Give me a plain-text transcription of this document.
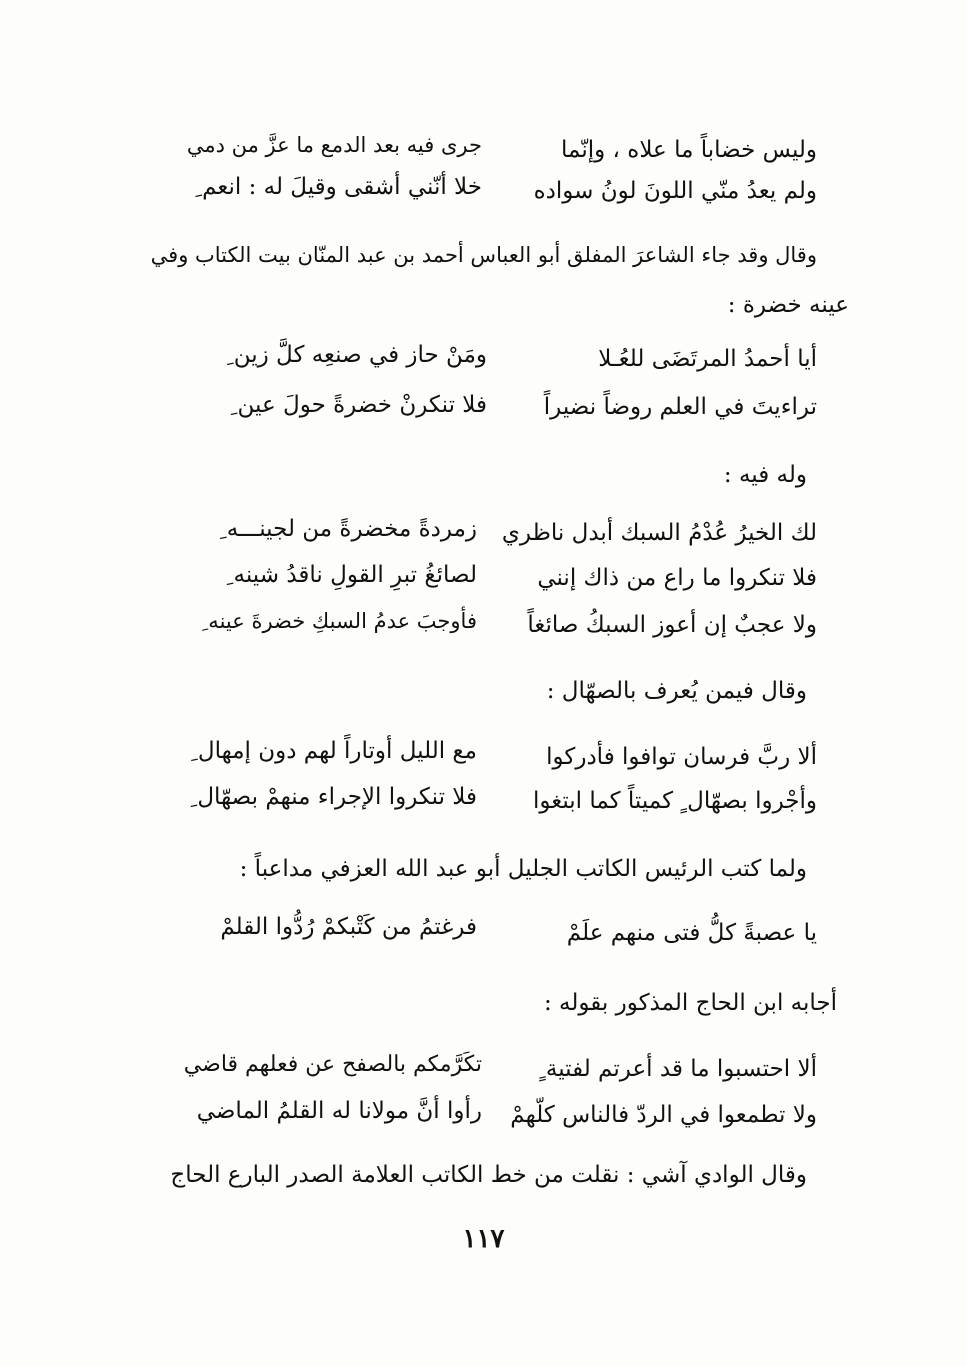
وليس خضاباً ما علاه ، وإنّما
جرى فيه بعد الدمع ما عزَّ من دمي
ولم يعدُ منّي اللونَ لونُ سواده
خلا أنّني أشقى وقيلَ له : انعم ِ
وقال وقد جاء الشاعرَ المفلق أبو العباس أحمد بن عبد المنّان بيت الكتاب وفي
عينه خضرة :
أيا أحمدُ المرتَضَى للعُـلا
ومَنْ حاز في صنعِه كلَّ زين ِ
تراءيتَ في العلم روضاً نضيراً
فلا تنكرنْ خضرةً حولَ عين ِ
وله فيه :
لك الخيرُ عُدْمُ السبك أبدل ناظري
زمردةً مخضرةً من لجينـــه ِ
فلا تنكروا ما راع من ذاك إنني
لصائغُ تبرِ القولِ ناقدُ شينه ِ
ولا عجبٌ إن أعوز السبكُ صائغاً
فأوجبَ عدمُ السبكِ خضرةَ عينه ِ
وقال فيمن يُعرف بالصهّال :
ألا ربَّ فرسان توافوا فأدركوا
مع الليل أوتاراً لهم دون إمهال ِ
وأجْروا بصهّال ٍ كميتاً كما ابتغوا
فلا تنكروا الإجراء منهمْ بصهّال ِ
ولما كتب الرئيس الكاتب الجليل أبو عبد الله العزفي مداعباً :
يا عصبةً كلُّ فتى منهم علَمْ
فرغتمُ من كَتْبكمْ رُدُّوا القلمْ
أجابه ابن الحاج المذكور بقوله :
ألا احتسبوا ما قد أعرتم لفتية ٍ
تكَرَّمكم بالصفح عن فعلهم قاضي
ولا تطمعوا في الردّ فالناس كلّهمْ
رأوا أنَّ مولانا له القلمُ الماضي
وقال الوادي آشي : نقلت من خط الكاتب العلامة الصدر البارع الحاج
١١٧
